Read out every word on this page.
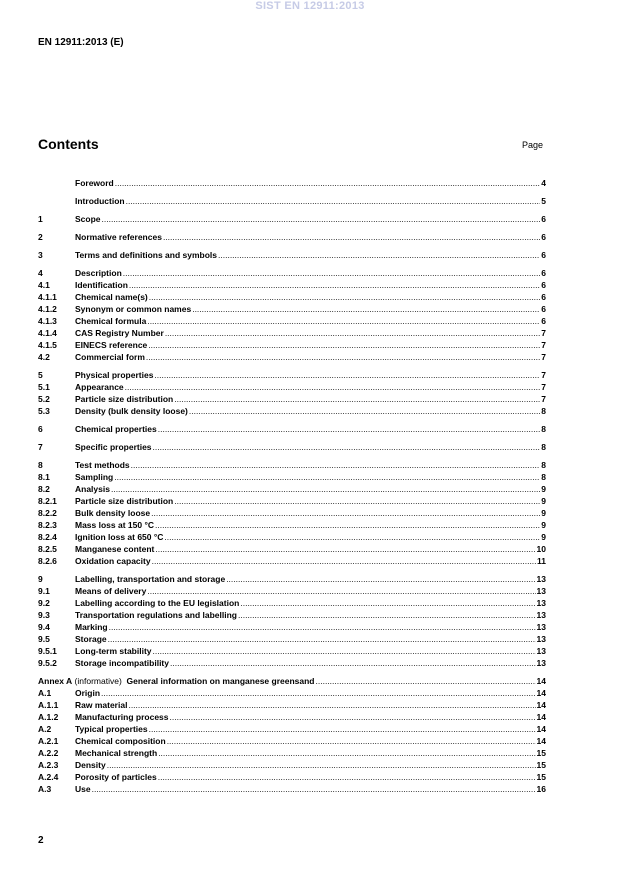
SIST EN 12911:2013
EN 12911:2013 (E)
Contents	Page
Foreword .....	4
Introduction .....	5
1	Scope .....	6
2	Normative references .....	6
3	Terms and definitions and symbols .....	6
4	Description .....	6
4.1	Identification .....	6
4.1.1	Chemical name(s) .....	6
4.1.2	Synonym or common names .....	6
4.1.3	Chemical formula .....	6
4.1.4	CAS Registry Number .....	7
4.1.5	EINECS reference .....	7
4.2	Commercial form .....	7
5	Physical properties .....	7
5.1	Appearance .....	7
5.2	Particle size distribution .....	7
5.3	Density (bulk density loose) .....	8
6	Chemical properties .....	8
7	Specific properties .....	8
8	Test methods .....	8
8.1	Sampling .....	8
8.2	Analysis .....	9
8.2.1	Particle size distribution .....	9
8.2.2	Bulk density loose .....	9
8.2.3	Mass loss at 150 °C .....	9
8.2.4	Ignition loss at 650 °C .....	9
8.2.5	Manganese content .....	10
8.2.6	Oxidation capacity .....	11
9	Labelling, transportation and storage .....	13
9.1	Means of delivery .....	13
9.2	Labelling according to the EU legislation .....	13
9.3	Transportation regulations and labelling .....	13
9.4	Marking .....	13
9.5	Storage .....	13
9.5.1	Long-term stability .....	13
9.5.2	Storage incompatibility .....	13
Annex A
(informative)
General information on manganese greensand .....	14
A.1	Origin .....	14
A.1.1	Raw material .....	14
A.1.2	Manufacturing process .....	14
A.2	Typical properties .....	14
A.2.1	Chemical composition .....	14
A.2.2	Mechanical strength .....	15
A.2.3	Density .....	15
A.2.4	Porosity of particles .....	15
A.3	Use .....	16
2
